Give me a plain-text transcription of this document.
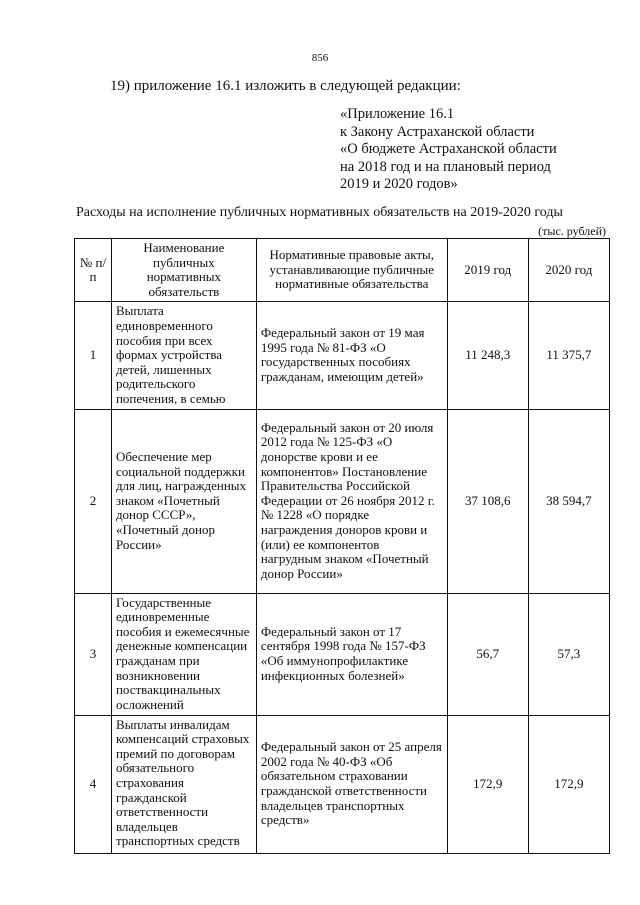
856
19) приложение 16.1 изложить в следующей редакции:
«Приложение 16.1
к Закону Астраханской области
«О бюджете Астраханской области
на 2018 год и на плановый период
2019 и 2020 годов»
Расходы на исполнение публичных нормативных обязательств на 2019-2020 годы
(тыс. рублей)
№ п/п	Наименование публичных нормативных обязательств	Нормативные правовые акты, устанавливающие публичные нормативные обязательства	2019 год	2020 год
1	Выплата единовременного пособия при всех формах устройства детей, лишенных родительского попечения, в семью	Федеральный закон от 19 мая 1995 года № 81-ФЗ «О государственных пособиях гражданам, имеющим детей»	11 248,3	11 375,7
2	Обеспечение мер социальной поддержки для лиц, награжденных знаком «Почетный донор СССР», «Почетный донор России»	Федеральный закон от 20 июля 2012 года № 125-ФЗ «О донорстве крови и ее компонентов» Постановление Правительства Российской Федерации от 26 ноября 2012 г. № 1228 «О порядке награждения доноров крови и (или) ее компонентов нагрудным знаком «Почетный донор России»	37 108,6	38 594,7
3	Государственные единовременные пособия и ежемесячные денежные компенсации гражданам при возникновении поствакцинальных осложнений	Федеральный закон от 17 сентября 1998 года № 157-ФЗ «Об иммунопрофилактике инфекционных болезней»	56,7	57,3
4	Выплаты инвалидам компенсаций страховых премий по договорам обязательного страхования гражданской ответственности владельцев транспортных средств	Федеральный закон от 25 апреля 2002 года № 40-ФЗ «Об обязательном страховании гражданской ответственности владельцев транспортных средств»	172,9	172,9
